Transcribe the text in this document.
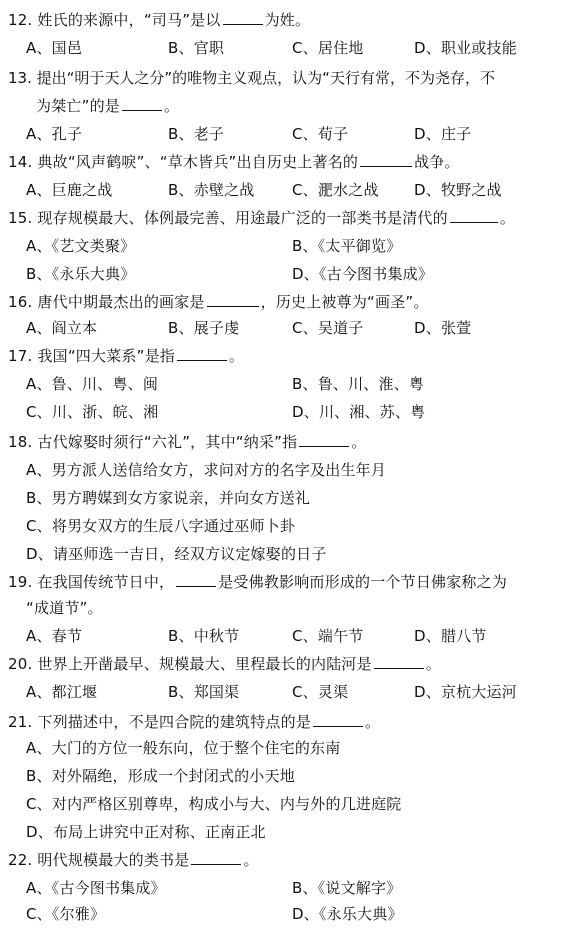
12. 姓氏的来源中，“司马”是以	为姓。
A、国邑	B、官职	C、居住地	D、职业或技能
13. 提出“明于天人之分”的唯物主义观点，认为“天行有常，不为尧存，不
为桀亡”的是	。
A、孔子	B、老子	C、荀子	D、庄子
14. 典故“风声鹤唳”、“草木皆兵”出自历史上著名的	战争。
A、巨鹿之战	B、赤壁之战	C、淝水之战 D、牧野之战
15. 现存规模最大、体例最完善、用途最广泛的一部类书是清代的	。
A、《艺文类聚》	B、《太平御览》
B、《永乐大典》	D、《古今图书集成》
16. 唐代中期最杰出的画家是	，历史上被尊为“画圣”。
A、阎立本	B、展子虔	C、吴道子	D、张萱
17. 我国“四大菜系”是指	。
A、鲁、川、粤、闽	B、鲁、川、淮、粤
C、川、浙、皖、湘	D、川、湘、苏、粤
18. 古代嫁娶时须行“六礼”，其中“纳采”指	。
A、男方派人送信给女方，求问对方的名字及出生年月
B、男方聘媒到女方家说亲，并向女方送礼
C、将男女双方的生辰八字通过巫师卜卦
D、请巫师选一吉日，经双方议定嫁娶的日子
19. 在我国传统节日中，	是受佛教影响而形成的一个节日佛家称之为
“成道节”。
A、春节	B、中秋节	C、端午节	D、腊八节
20. 世界上开凿最早、规模最大、里程最长的内陆河是	。
A、都江堰	B、郑国渠	C、灵渠	D、京杭大运河
21. 下列描述中，不是四合院的建筑特点的是	。
A、大门的方位一般东向，位于整个住宅的东南
B、对外隔绝，形成一个封闭式的小天地
C、对内严格区别尊卑，构成小与大、内与外的几进庭院
D、布局上讲究中正对称、正南正北
22. 明代规模最大的类书是	。
A、《古今图书集成》	B、《说文解字》
C、《尔雅》	D、《永乐大典》
